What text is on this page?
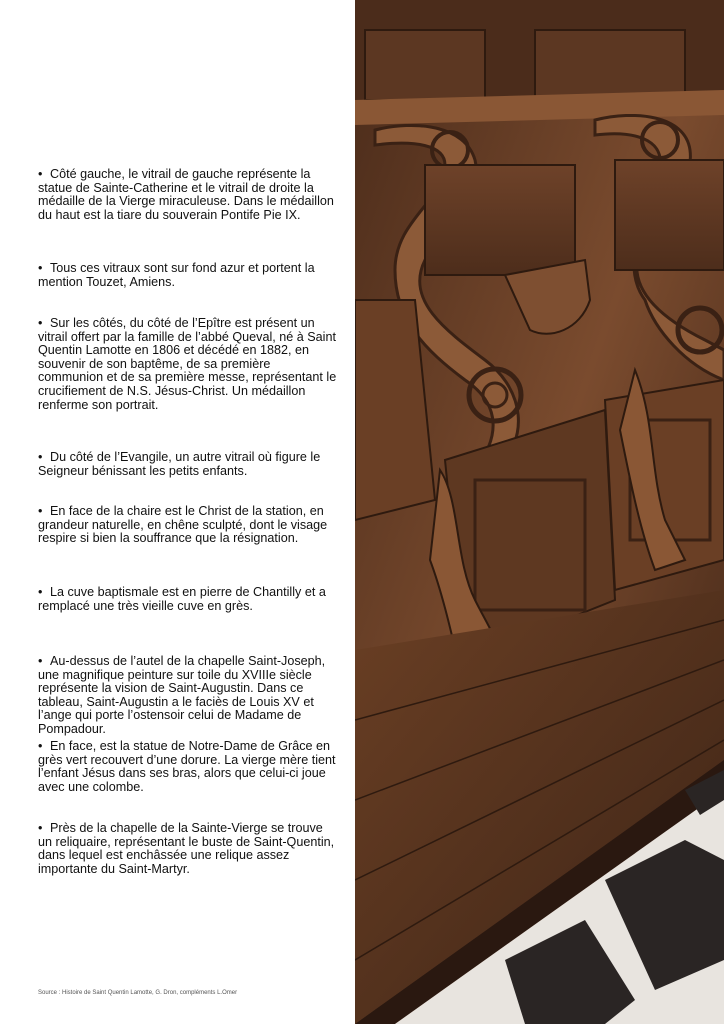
• Côté gauche, le vitrail de gauche représente la statue de Sainte-Catherine et le vitrail de droite la médaille de la Vierge miraculeuse. Dans le médaillon du haut est la tiare du souverain Pontife Pie IX.

• Tous ces vitraux sont sur fond azur et portent la mention Touzet, Amiens.

• Sur les côtés, du côté de l’Epître est présent un vitrail offert par la famille de l’abbé Queval, né à Saint Quentin Lamotte en 1806 et décédé en 1882, en souvenir de son baptême, de sa première communion et de sa première messe, représentant le crucifiement de N.S. Jésus-Christ. Un médaillon renferme son portrait.

• Du côté de l’Evangile, un autre vitrail où figure le Seigneur bénissant les petits enfants.

• En face de la chaire est le Christ de la station, en grandeur naturelle, en chêne sculpté, dont le visage respire si bien la souffrance que la résignation.

• La cuve baptismale est en pierre de Chantilly et a remplacé une très vieille cuve en grès.

• Au-dessus de l’autel de la chapelle Saint-Joseph, une magnifique peinture sur toile du XVIIIe siècle représente la vision de Saint-Augustin. Dans ce tableau, Saint-Augustin a le faciès de Louis XV et l’ange qui porte l’ostensoir celui de Madame de Pompadour.

• En face, est la statue de Notre-Dame de Grâce en grès vert recouvert d’une dorure. La vierge mère tient l’enfant Jésus dans ses bras, alors que celui-ci joue avec une colombe.

• Près de la chapelle de la Sainte-Vierge se trouve un reliquaire, représentant le buste de Saint-Quentin, dans lequel est enchâssée une relique assez importante du Saint-Martyr.

Source : Histoire de Saint Quentin Lamotte, G. Dron, compléments L.Omer
